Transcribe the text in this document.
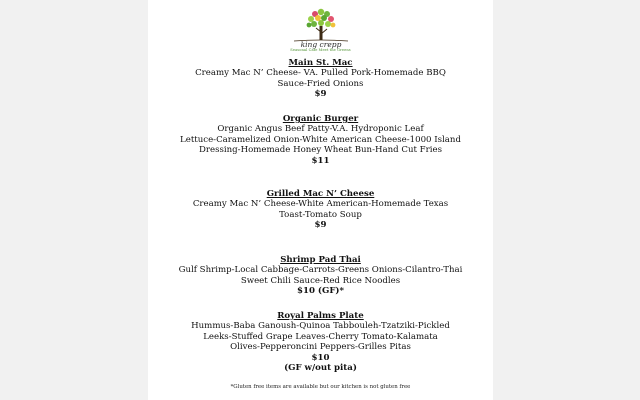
king crepp
Seasonal Cafe Meet the Greens
Main St. Mac
Creamy Mac N’ Cheese- VA. Pulled Pork-Homemade BBQ
Sauce-Fried Onions
$9
Organic Burger
Organic Angus Beef Patty-V.A. Hydroponic Leaf
Lettuce-Caramelized Onion-White American Cheese-1000 Island
Dressing-Homemade Honey Wheat Bun-Hand Cut Fries
$11
Grilled Mac N’ Cheese
Creamy Mac N’ Cheese-White American-Homemade Texas
Toast-Tomato Soup
$9
Shrimp Pad Thai
Gulf Shrimp-Local Cabbage-Carrots-Greens Onions-Cilantro-Thai
Sweet Chili Sauce-Red Rice Noodles
$10 (GF)*
Royal Palms Plate
Hummus-Baba Ganoush-Quinoa Tabbouleh-Tzatziki-Pickled
Leeks-Stuffed Grape Leaves-Cherry Tomato-Kalamata
Olives-Pepperoncini Peppers-Grilles Pitas
$10
(GF w/out pita)
*Gluten free items are available but our kitchen is not gluten free
